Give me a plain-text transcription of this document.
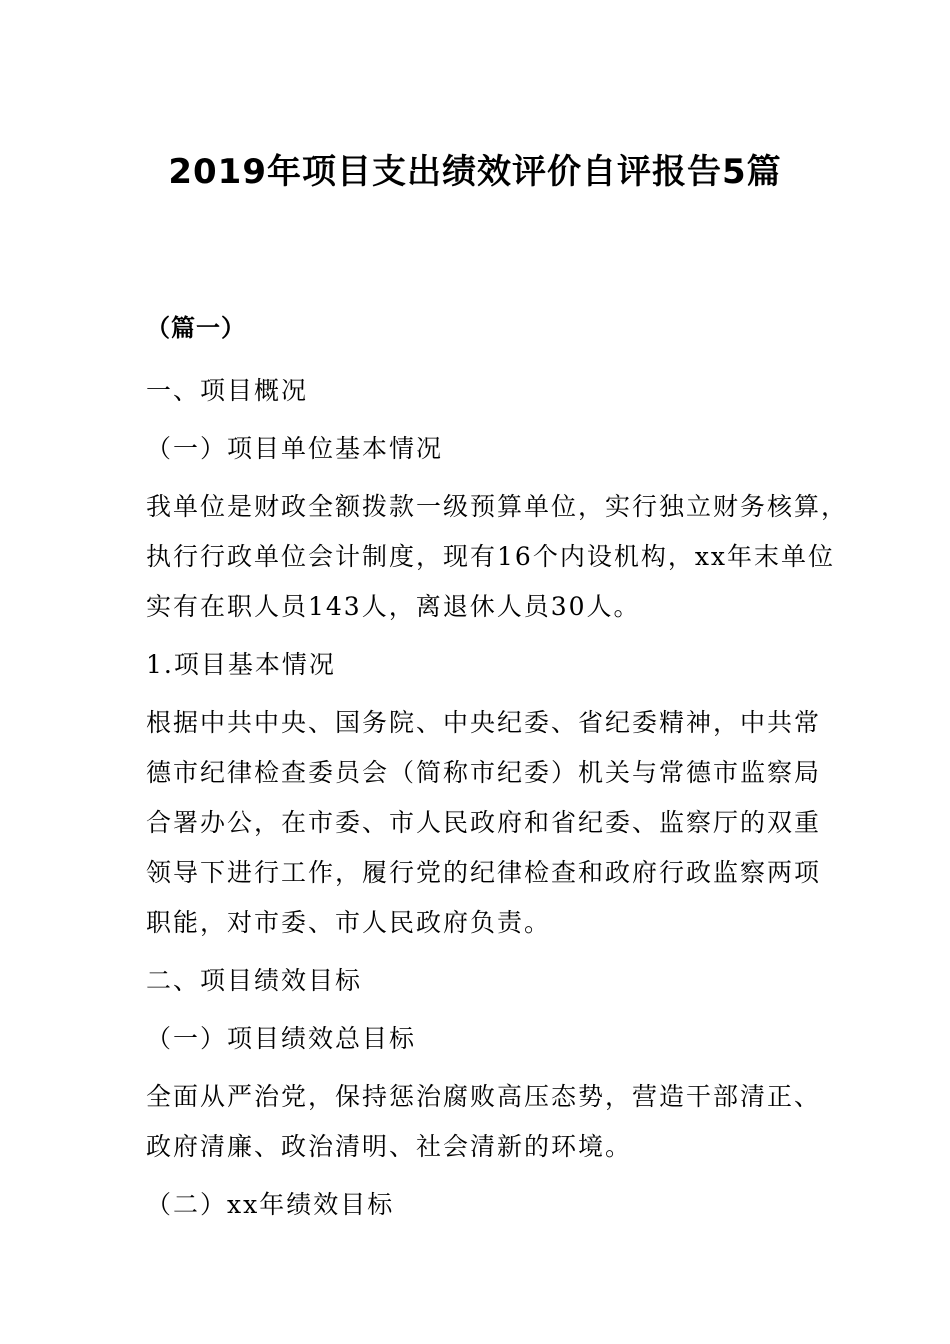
2019年项目支出绩效评价自评报告5篇
（篇一）
一、项目概况
（一）项目单位基本情况
我单位是财政全额拨款一级预算单位，实行独立财务核算，
执行行政单位会计制度，现有16个内设机构，xx年末单位
实有在职人员143人，离退休人员30人。
1.项目基本情况
根据中共中央、国务院、中央纪委、省纪委精神，中共常
德市纪律检查委员会（简称市纪委）机关与常德市监察局
合署办公，在市委、市人民政府和省纪委、监察厅的双重
领导下进行工作，履行党的纪律检查和政府行政监察两项
职能，对市委、市人民政府负责。
二、项目绩效目标
（一）项目绩效总目标
全面从严治党，保持惩治腐败高压态势，营造干部清正、
政府清廉、政治清明、社会清新的环境。
（二）xx年绩效目标
